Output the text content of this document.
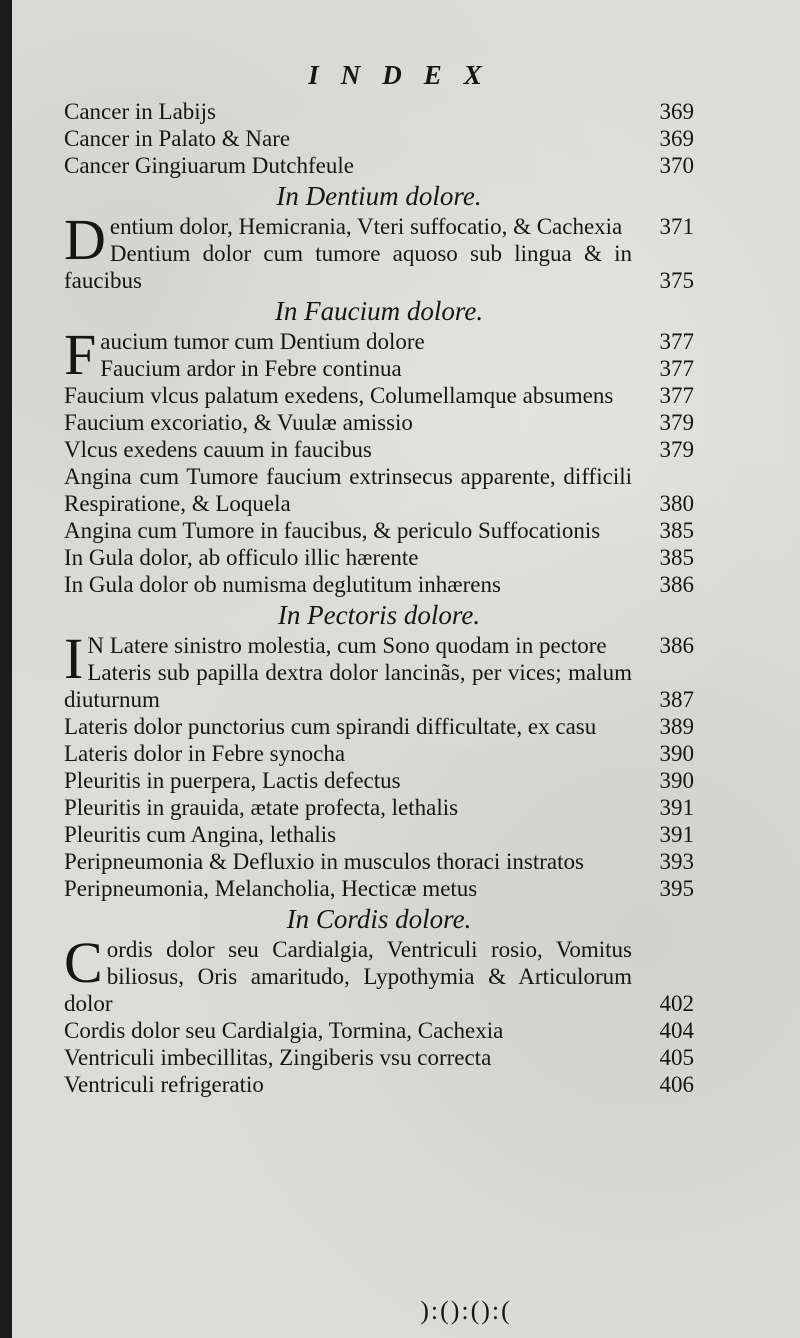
INDEX
Cancer in Labijs	369
Cancer in Palato & Nare	369
Cancer Gingiuarum Dutchfeule	370
In Dentium dolore.
Dentium dolor, Hemicrania, Vteri suffocatio, & Cachexia	371
Dentium dolor cum tumore aquoso sub lingua & in faucibus	375
In Faucium dolore.
Faucium tumor cum Dentium dolore	377
Faucium ardor in Febre continua	377
Faucium vlcus palatum exedens, Columellamque absumens	377
Faucium excoriatio, & Vuulæ amissio	379
Vlcus exedens cauum in faucibus	379
Angina cum Tumore faucium extrinsecus apparente, difficili Respiratione, & Loquela	380
Angina cum Tumore in faucibus, & periculo Suffocationis	385
In Gula dolor, ab officulo illic hærente	385
In Gula dolor ob numisma deglutitum inhærens	386
In Pectoris dolore.
IN Latere sinistro molestia, cum Sono quodam in pectore	386
Lateris sub papilla dextra dolor lancinãs, per vices; malum diuturnum	387
Lateris dolor punctorius cum spirandi difficultate, ex casu	389
Lateris dolor in Febre synocha	390
Pleuritis in puerpera, Lactis defectus	390
Pleuritis in grauida, ætate profecta, lethalis	391
Pleuritis cum Angina, lethalis	391
Peripneumonia & Defluxio in musculos thoraci instratos	393
Peripneumonia, Melancholia, Hecticæ metus	395
In Cordis dolore.
Cordis dolor seu Cardialgia, Ventriculi rosio, Vomitus biliosus, Oris amaritudo, Lypothymia & Articulorum dolor	402
Cordis dolor seu Cardialgia, Tormina, Cachexia	404
Ventriculi imbecillitas, Zingiberis vsu correcta	405
Ventriculi refrigeratio	406
):():():(
